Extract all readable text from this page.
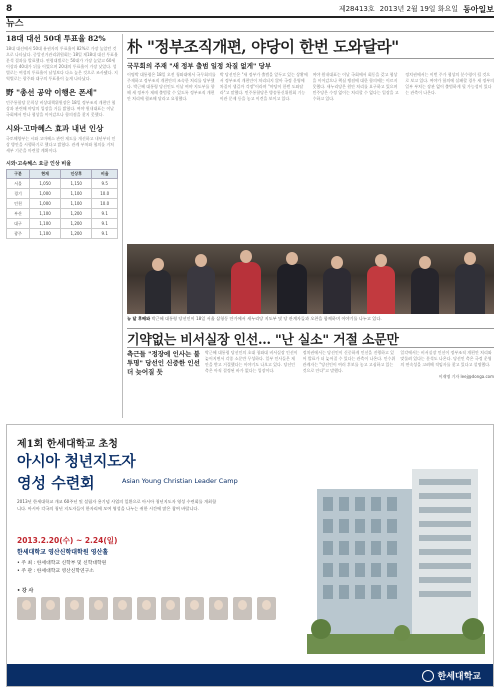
8	제28413호 2013년 2월 19일 화요일 동아일보
뉴스
18대 대선 50대 투표율 82%
18대 대선에서 50대 유권자의 투표율이 82%로 가장 높았던 것으로 나타났다. 중앙선거관리위원회는 18일 제18대 대선 투표율 분석 결과를 발표했다. 연령대별로는 50대가 가장 높았고 60세 이상과 40대가 뒤를 이었으며 20대의 투표율이 가장 낮았다. 성별로는 여성의 투표율이 남성보다 다소 높은 것으로 조사됐다. 지역별로는 광주와 대구의 투표율이 높게 나타났다.
野 "총선 공약 이행은 폰세"
민주통합당 문희상 비상대책위원장은 18일 정부조직 개편안 협상과 관련해 야당의 입장을 거듭 밝혔다. 여야 원내대표는 이날 국회에서 만나 협상을 이어갔으나 합의점을 찾지 못했다.
시와·고마혜스 효과 내년 인상
국토해양부는 시와 고마혜스 관련 제도를 개선하고 내년부터 인상 방안을 시행하기로 했다고 밝혔다. 관계 부처와 협의를 거쳐 세부 기준을 마련할 계획이다.
시와·고속혜스 요금 인상 비율
구분	현재	인상후	비율
서울	1,050	1,150	9.5
경기	1,000	1,100	10.0
인천	1,000	1,100	10.0
부산	1,100	1,200	9.1
대구	1,100	1,200	9.1
광주	1,100	1,200	9.1
朴 "정부조직개편, 야당이 한번 도와달라"
국무회의 주재 "새 정부 출범 일정 차질 없게" 당부
이명박 대통령은 18일 오전 청와대에서 국무회의를 주재하고 정부조직 개편안의 조속한 처리를 당부했다. 박근혜 대통령 당선인도 이날 여야 지도부를 향해 새 정부가 제때 출범할 수 있도록 정부조직 개편안 처리에 협조해 달라고 요청했다.
박 당선인은 "새 정부가 출범을 앞두고 있는 상황에서 정부조직 개편안이 처리되지 않아 국정 운영에 차질이 생길까 걱정"이라며 "야당이 한번 도와달라"고 말했다. 민주통합당은 방송통신위원회 기능 이관 문제 등을 놓고 이견을 보이고 있다.
여야 원내대표는 이날 국회에서 회동을 갖고 협상을 이어갔으나 핵심 쟁점에 대한 합의에는 이르지 못했다. 새누리당은 원안 처리를 요구하고 있으며 민주당은 수정 없이는 처리할 수 없다는 입장을 고수하고 있다.
정치권에서는 이번 주가 협상의 분수령이 될 것으로 보고 있다. 여야가 합의에 실패할 경우 새 정부의 일부 부처는 장관 없이 출범하게 될 가능성이 있다는 관측이 나온다.
뉴 달 후배와 박근혜 대통령 당선인이 18일 서울 삼청동 안가에서 새누리당 지도부 및 당 관계자들과 오찬을 함께하며 이야기를 나누고 있다.
기약없는 비서실장 인선… "난 실소" 거절 소문만
측근들 "정장에 인사는 불투명" 당선인 신중한 인선 더 늦어질 듯
박근혜 대통령 당선인의 초대 청와대 비서실장 인선이 늦어지면서 각종 소문만 무성하다. 일부 인사들은 제안을 받고 거절했다는 이야기도 나오고 있다. 당선인 측은 아직 결정된 바가 없다는 입장이다.
정치권에서는 당선인이 신중하게 인선을 진행하고 있어 발표가 더 늦어질 수 있다는 관측이 나온다. 인수위 관계자는 "당선인이 여러 후보를 놓고 고심하고 있는 것으로 안다"고 말했다.
일각에서는 비서실장 인선이 정부조직 개편안 처리와 맞물려 있다는 분석도 나온다. 당선인 측은 국정 운영의 연속성을 고려해 적임자를 찾고 있다고 설명했다.
이재명 기자 leej@donga.com
제1회 한세대학교 초청
아시아 청년지도자
영성 수련회	Asian Young Christian Leader Camp
2013년 한세대학교 개교 60주년 및 설립자 용기념 사업의 일환으로 아시아 청년지도자 영성 수련회를 개최합니다. 아시아 각국의 청년 지도자들이 한자리에 모여 영성을 나누는 귀한 시간에 많은 참여 바랍니다.
2013.2.20(수) ~ 2.24(일)
한세대학교 영산신학대학원 영산홀
• 주 최 : 한세대학교 신학부 및 신학대학원
• 주 관 : 한세대학교 영산신학연구소
• 강 사
한세대학교
